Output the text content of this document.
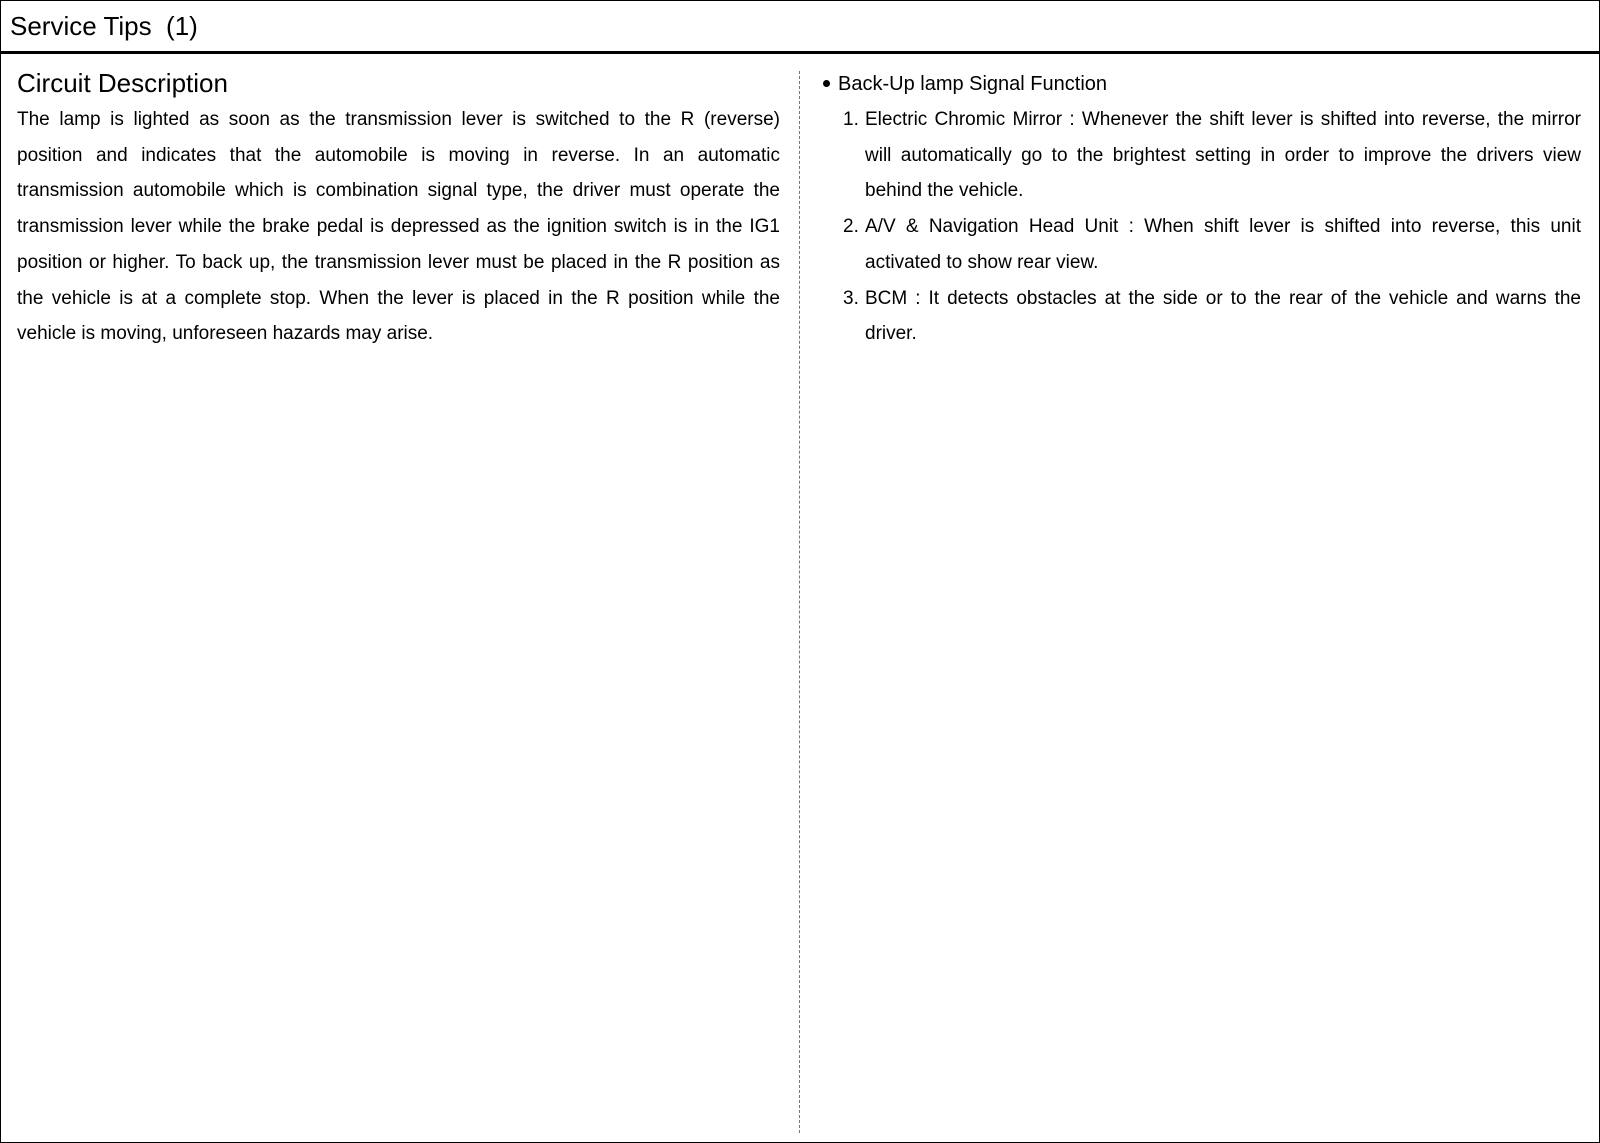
Service Tips  (1)
Circuit Description

The lamp is lighted as soon as the transmission lever is switched to the R (reverse) position and indicates that the automobile is moving in reverse. In an automatic transmission automobile which is combination signal type, the driver must operate the transmission lever while the brake pedal is depressed as the ignition switch is in the IG1 position or higher. To back up, the transmission lever must be placed in the R position as the vehicle is at a complete stop. When the lever is placed in the R position while the vehicle is moving, unforeseen hazards may arise.

Back-Up lamp Signal Function
1. Electric Chromic Mirror : Whenever the shift lever is shifted into reverse, the mirror will automatically go to the brightest setting in order to improve the drivers view behind the vehicle.
2. A/V & Navigation Head Unit : When shift lever is shifted into reverse, this unit activated to show rear view.
3. BCM : It detects obstacles at the side or to the rear of the vehicle and warns the driver.
